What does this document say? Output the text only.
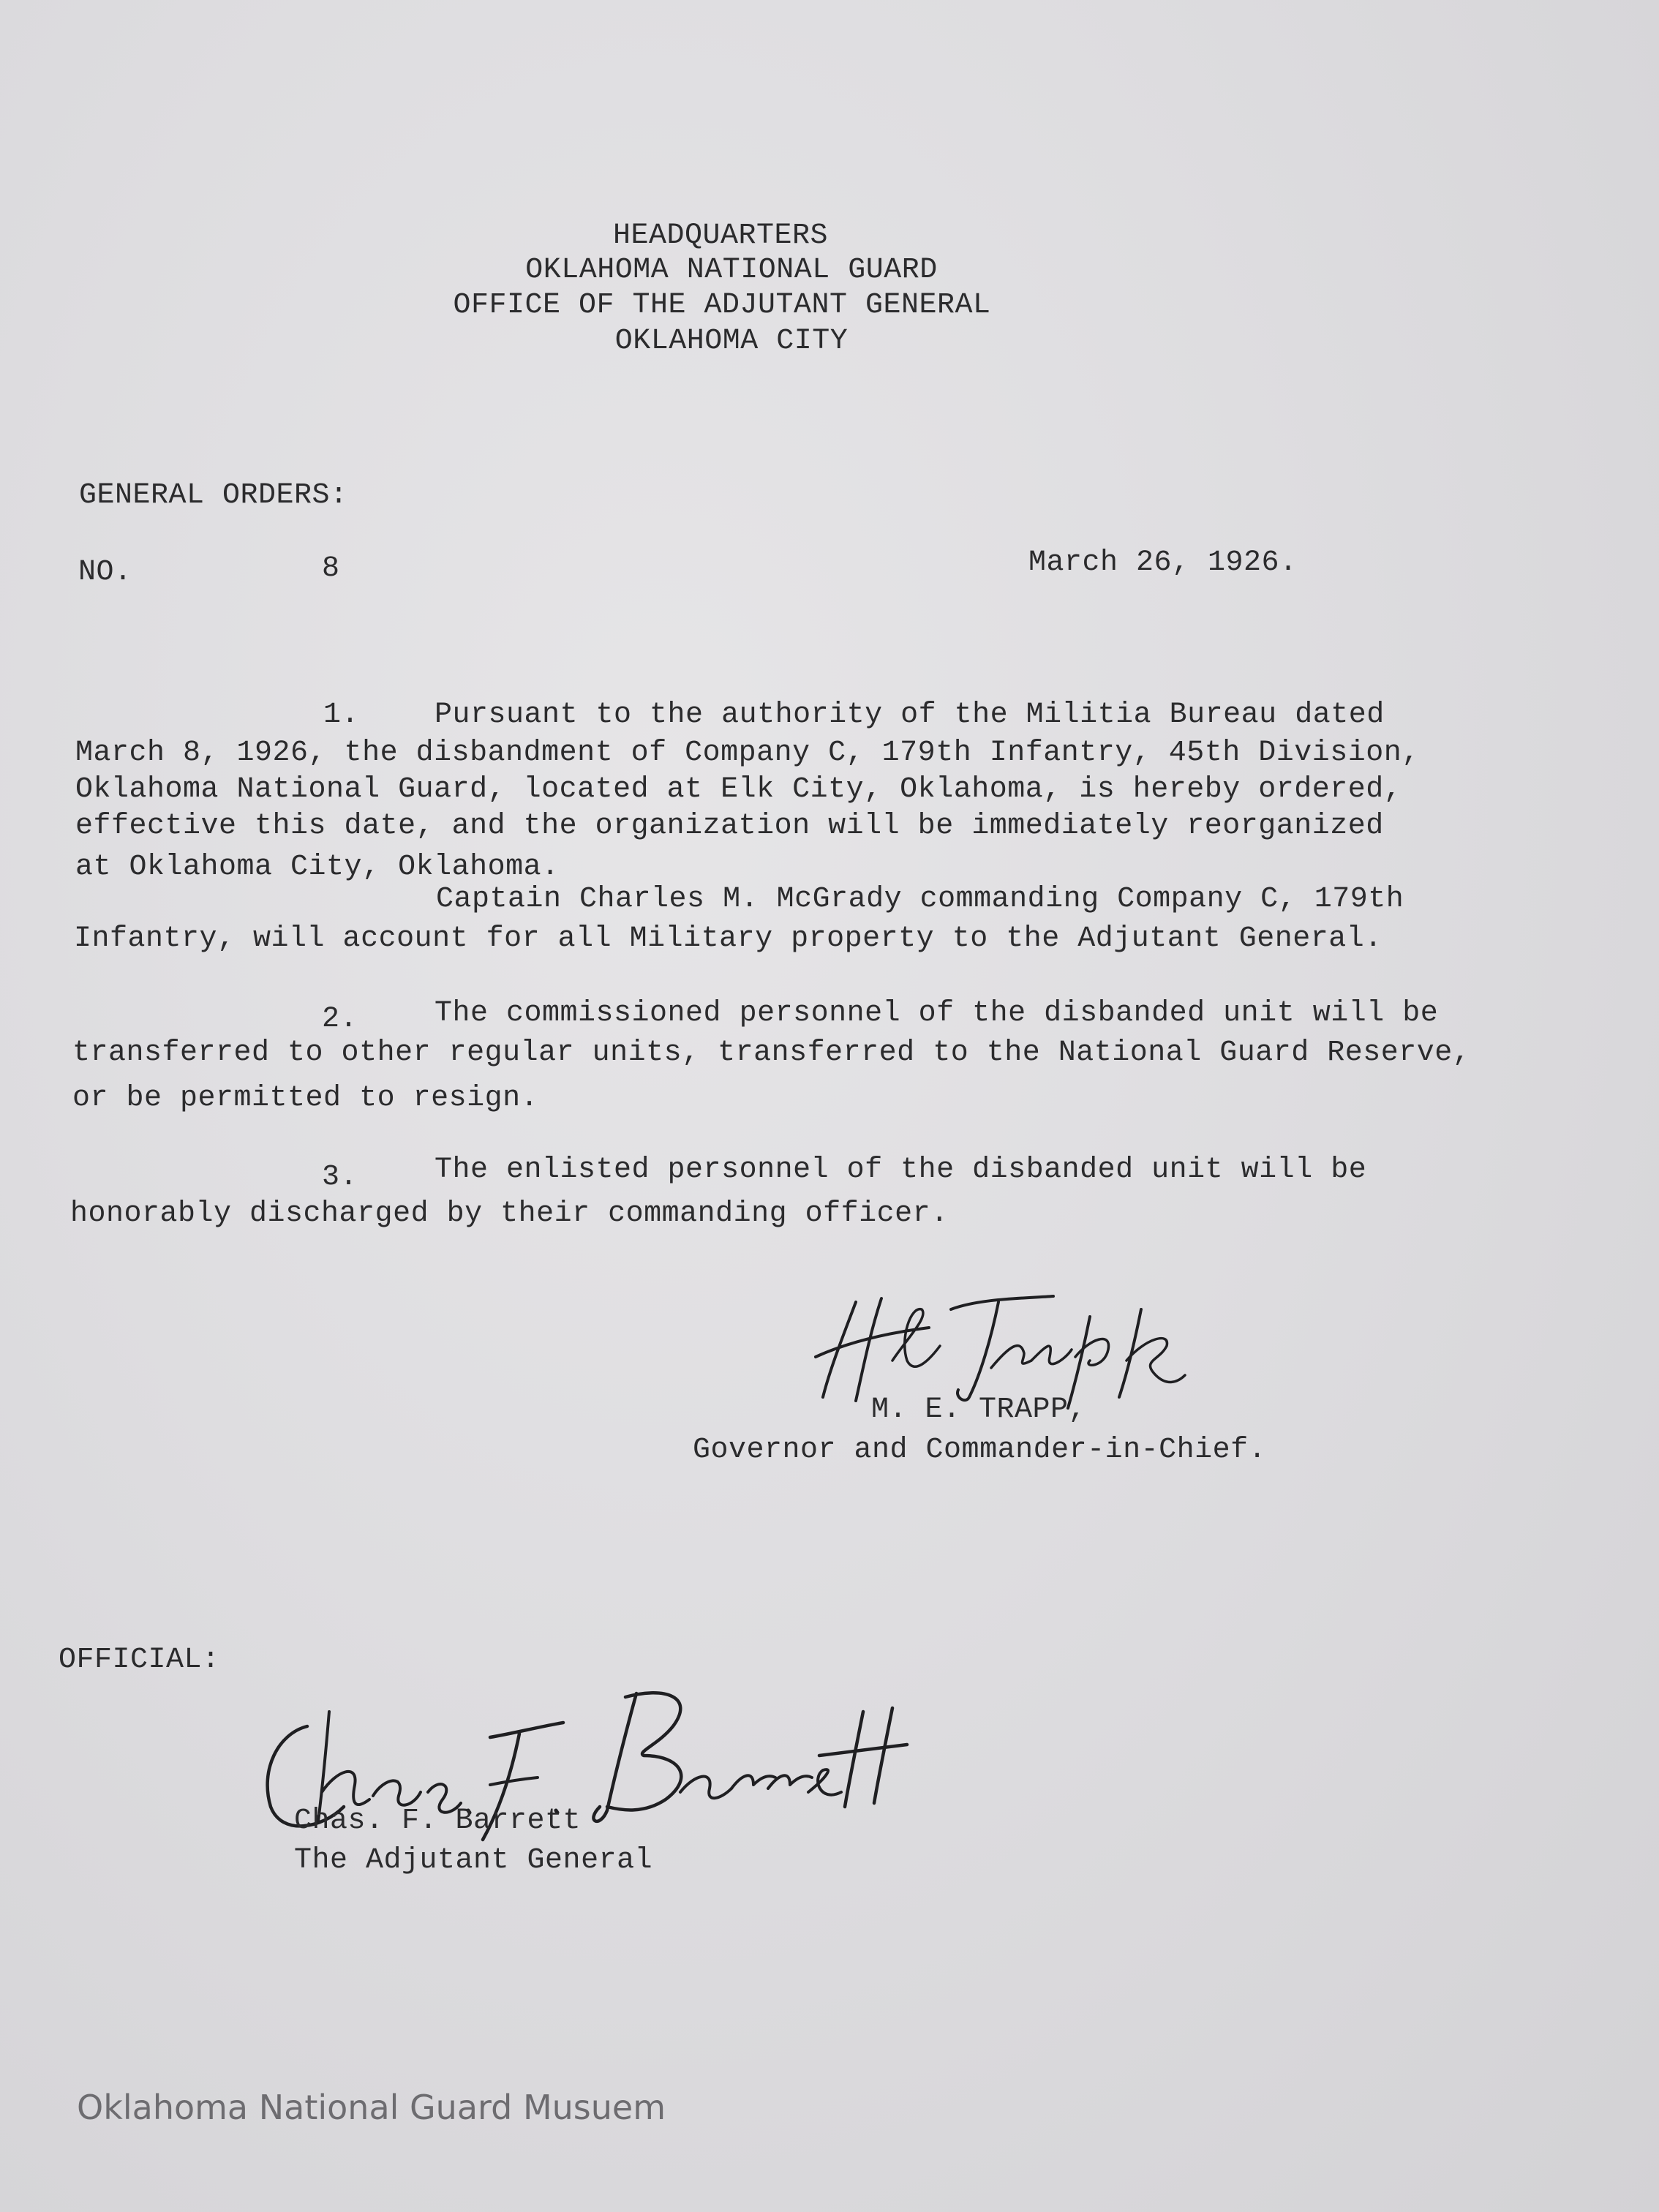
HEADQUARTERS
OKLAHOMA NATIONAL GUARD
OFFICE OF THE ADJUTANT GENERAL
OKLAHOMA CITY
GENERAL ORDERS:
NO.	8	March 26, 1926.
1.	Pursuant to the authority of the Militia Bureau dated
March 8, 1926, the disbandment of Company C, 179th Infantry, 45th Division,
Oklahoma National Guard, located at Elk City, Oklahoma, is hereby ordered,
effective this date, and the organization will be immediately reorganized
at Oklahoma City, Oklahoma.
Captain Charles M. McGrady commanding Company C, 179th
Infantry, will account for all Military property to the Adjutant General.
2.	The commissioned personnel of the disbanded unit will be
transferred to other regular units, transferred to the National Guard Reserve,
or be permitted to resign.
3.	The enlisted personnel of the disbanded unit will be
honorably discharged by their commanding officer.
M. E. TRAPP,
Governor and Commander-in-Chief.
OFFICIAL:
Chas. F. Barrett
The Adjutant General
Oklahoma National Guard Musuem
